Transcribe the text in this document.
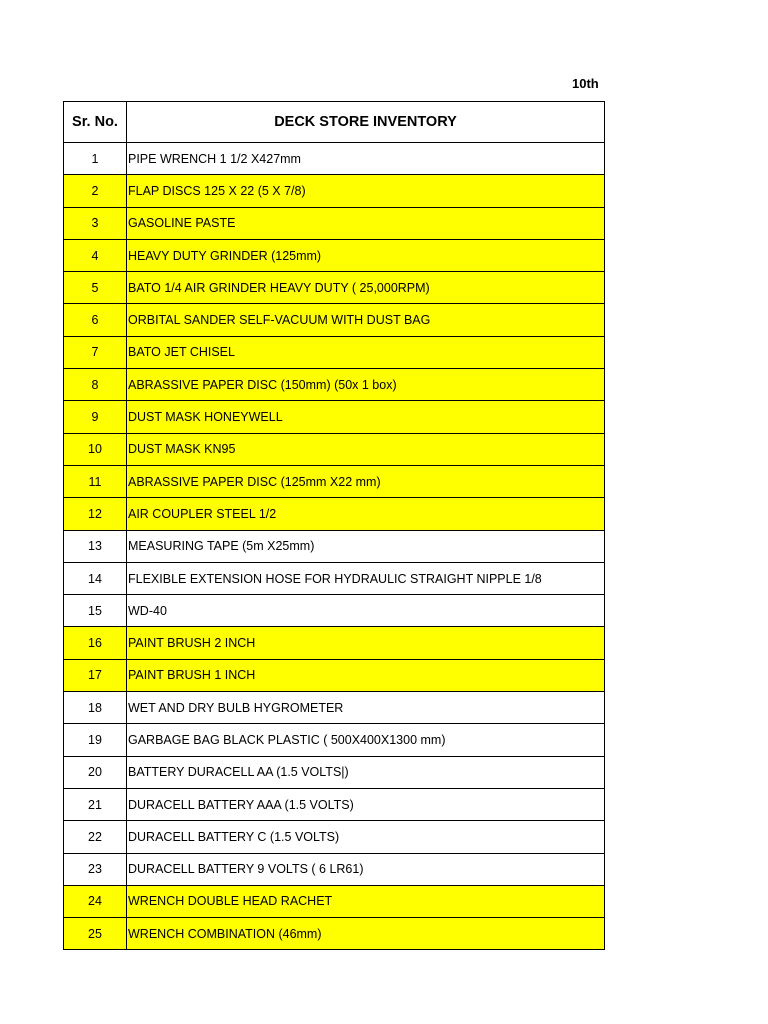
10th
Sr. No.	DECK STORE INVENTORY
1	PIPE WRENCH 1 1/2 X427mm
2	FLAP DISCS 125 X 22 (5 X 7/8)
3	GASOLINE PASTE
4	HEAVY DUTY GRINDER (125mm)
5	BATO 1/4 AIR GRINDER HEAVY DUTY ( 25,000RPM)
6	ORBITAL SANDER SELF-VACUUM WITH DUST BAG
7	BATO JET CHISEL
8	ABRASSIVE PAPER DISC (150mm) (50x 1 box)
9	DUST MASK HONEYWELL
10	DUST MASK KN95
11	ABRASSIVE PAPER DISC (125mm X22 mm)
12	AIR COUPLER STEEL 1/2
13	MEASURING TAPE (5m X25mm)
14	FLEXIBLE EXTENSION HOSE FOR HYDRAULIC STRAIGHT NIPPLE 1/8
15	WD-40
16	PAINT BRUSH 2 INCH
17	PAINT BRUSH 1 INCH
18	WET AND DRY BULB HYGROMETER
19	GARBAGE BAG BLACK PLASTIC ( 500X400X1300 mm)
20	BATTERY DURACELL AA (1.5 VOLTS|)
21	DURACELL BATTERY AAA (1.5 VOLTS)
22	DURACELL BATTERY C (1.5 VOLTS)
23	DURACELL BATTERY 9 VOLTS ( 6 LR61)
24	WRENCH DOUBLE HEAD RACHET
25	WRENCH COMBINATION (46mm)
